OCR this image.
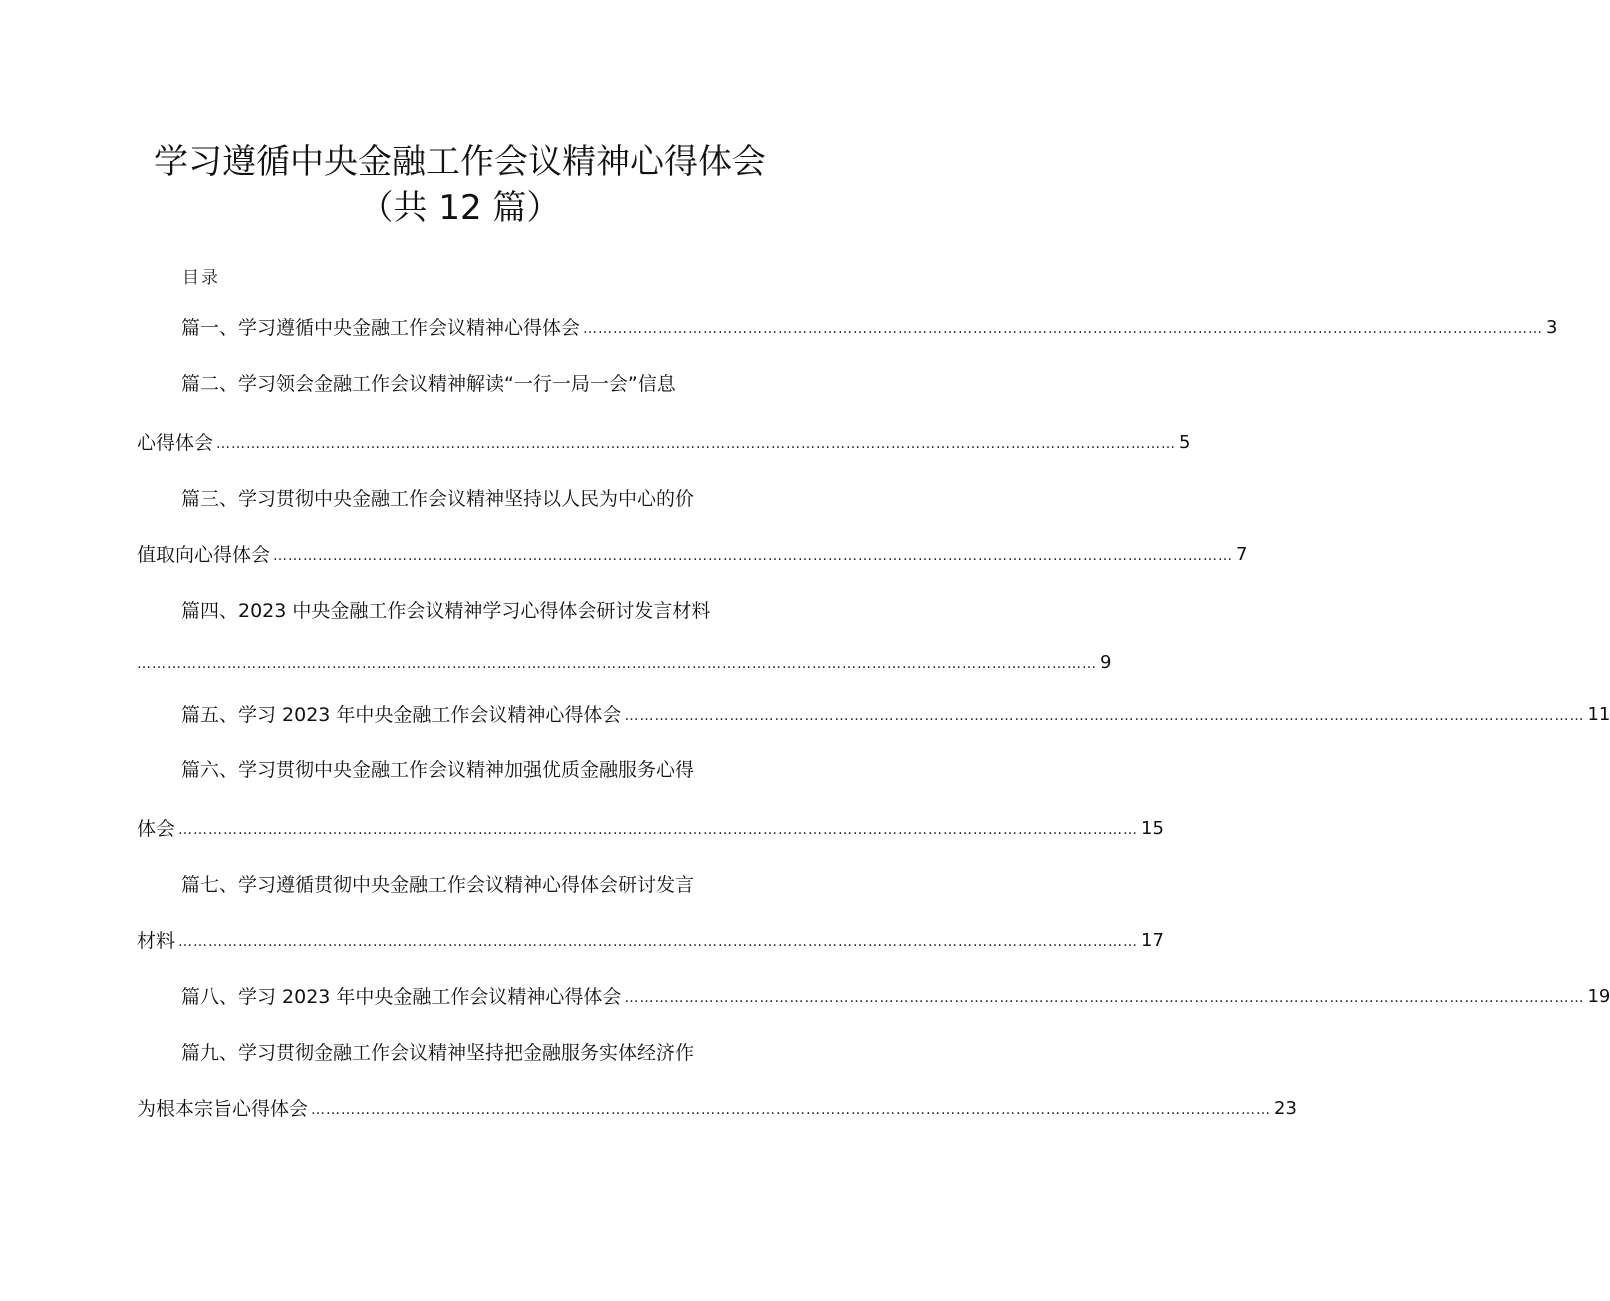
学习遵循中央金融工作会议精神心得体会
（共 12 篇）
目录
篇一、学习遵循中央金融工作会议精神心得体会 ………………………………………………………………………………………………………………………………………………………………………… 3
篇二、学习领会金融工作会议精神解读“一行一局一会”信息
心得体会 ………………………………………………………………………………………………………………………………………………………………………… 5
篇三、学习贯彻中央金融工作会议精神坚持以人民为中心的价
值取向心得体会 ………………………………………………………………………………………………………………………………………………………………………… 7
篇四、2023 中央金融工作会议精神学习心得体会研讨发言材料
………………………………………………………………………………………………………………………………………………………………………… 9
篇五、学习 2023 年中央金融工作会议精神心得体会 ………………………………………………………………………………………………………………………………………………………………………… 11
篇六、学习贯彻中央金融工作会议精神加强优质金融服务心得
体会 ………………………………………………………………………………………………………………………………………………………………………… 15
篇七、学习遵循贯彻中央金融工作会议精神心得体会研讨发言
材料 ………………………………………………………………………………………………………………………………………………………………………… 17
篇八、学习 2023 年中央金融工作会议精神心得体会 ………………………………………………………………………………………………………………………………………………………………………… 19
篇九、学习贯彻金融工作会议精神坚持把金融服务实体经济作
为根本宗旨心得体会 ………………………………………………………………………………………………………………………………………………………………………… 23
